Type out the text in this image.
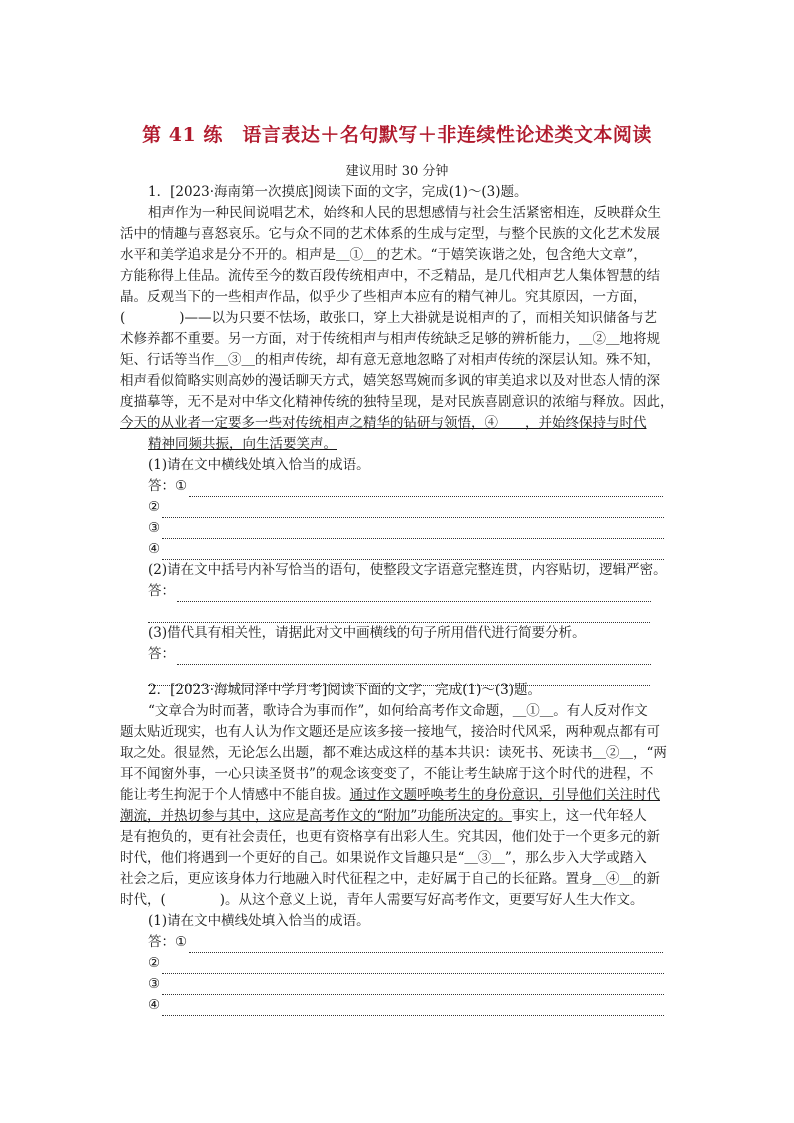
第 41 练　语言表达＋名句默写＋非连续性论述类文本阅读
建议用时 30 分钟
1．[2023·海南第一次摸底]阅读下面的文字，完成(1)～(3)题。
相声作为一种民间说唱艺术，始终和人民的思想感情与社会生活紧密相连，反映群众生
活中的情趣与喜怒哀乐。它与众不同的艺术体系的生成与定型，与整个民族的文化艺术发展
水平和美学追求是分不开的。相声是＿①＿的艺术。“于嬉笑诙谐之处，包含绝大文章”，
方能称得上佳品。流传至今的数百段传统相声中，不乏精品，是几代相声艺人集体智慧的结
晶。反观当下的一些相声作品，似乎少了些相声本应有的精气神儿。究其原因，一方面，
(　　　　)——以为只要不怯场，敢张口，穿上大褂就是说相声的了，而相关知识储备与艺
术修养都不重要。另一方面，对于传统相声与相声传统缺乏足够的辨析能力，＿②＿地将规
矩、行话等当作＿③＿的相声传统，却有意无意地忽略了对相声传统的深层认知。殊不知，
相声看似简略实则高妙的漫话聊天方式，嬉笑怒骂婉而多讽的审美追求以及对世态人情的深
度描摹等，无不是对中华文化精神传统的独特呈现，是对民族喜剧意识的浓缩与释放。因此，
今天的从业者一定要多一些对传统相声之精华的钻研与领悟，④　　，并始终保持与时代
精神同频共振，向生活要笑声。
(1)请在文中横线处填入恰当的成语。
答： ①
②
③
④
(2)请在文中括号内补写恰当的语句，使整段文字语意完整连贯，内容贴切，逻辑严密。
答：
(3)借代具有相关性，请据此对文中画横线的句子所用借代进行简要分析。
答：
2．[2023·海城同泽中学月考]阅读下面的文字，完成(1)～(3)题。
“文章合为时而著，歌诗合为事而作”，如何给高考作文命题，＿①＿。有人反对作文
题太贴近现实，也有人认为作文题还是应该多接一接地气，接洽时代风采，两种观点都有可
取之处。很显然，无论怎么出题，都不难达成这样的基本共识：读死书、死读书＿②＿，“两
耳不闻窗外事，一心只读圣贤书”的观念该变变了，不能让考生缺席于这个时代的进程，不
能让考生拘泥于个人情感中不能自拔。通过作文题呼唤考生的身份意识，引导他们关注时代
潮流，并热切参与其中，这应是高考作文的“附加”功能所决定的。事实上，这一代年轻人
是有抱负的，更有社会责任，也更有资格享有出彩人生。究其因，他们处于一个更多元的新
时代，他们将遇到一个更好的自己。如果说作文旨趣只是“＿③＿”，那么步入大学或踏入
社会之后，更应该身体力行地融入时代征程之中，走好属于自己的长征路。置身＿④＿的新
时代，(　　　　)。从这个意义上说，青年人需要写好高考作文，更要写好人生大作文。
(1)请在文中横线处填入恰当的成语。
答： ①
②
③
④
